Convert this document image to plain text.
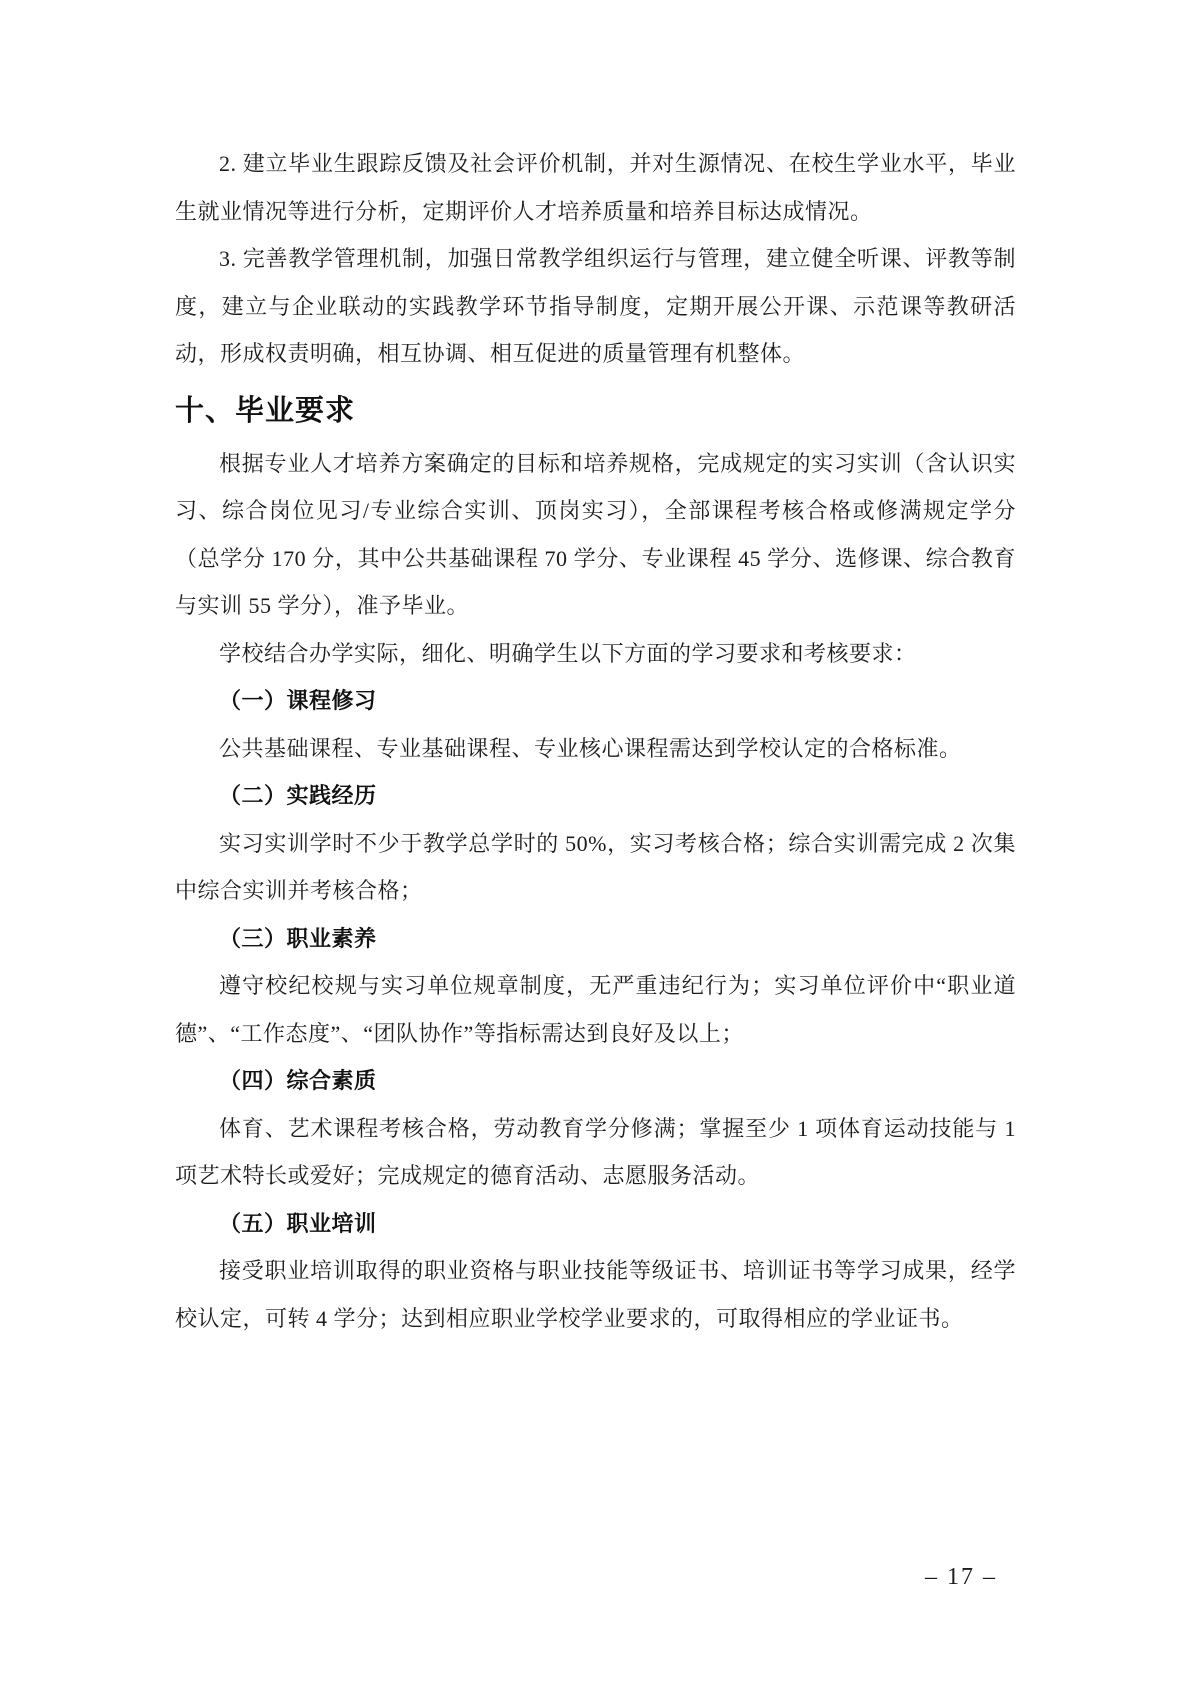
2. 建立毕业生跟踪反馈及社会评价机制，并对生源情况、在校生学业水平，毕业生就业情况等进行分析，定期评价人才培养质量和培养目标达成情况。

3. 完善教学管理机制，加强日常教学组织运行与管理，建立健全听课、评教等制度，建立与企业联动的实践教学环节指导制度，定期开展公开课、示范课等教研活动，形成权责明确，相互协调、相互促进的质量管理有机整体。

十、毕业要求

根据专业人才培养方案确定的目标和培养规格，完成规定的实习实训（含认识实习、综合岗位见习/专业综合实训、顶岗实习），全部课程考核合格或修满规定学分（总学分 170 分，其中公共基础课程 70 学分、专业课程 45 学分、选修课、综合教育与实训 55 学分），准予毕业。

学校结合办学实际，细化、明确学生以下方面的学习要求和考核要求：

（一）课程修习

公共基础课程、专业基础课程、专业核心课程需达到学校认定的合格标准。

（二）实践经历

实习实训学时不少于教学总学时的 50%，实习考核合格；综合实训需完成 2 次集中综合实训并考核合格；

（三）职业素养

遵守校纪校规与实习单位规章制度，无严重违纪行为；实习单位评价中“职业道德”、“工作态度”、“团队协作”等指标需达到良好及以上；

（四）综合素质

体育、艺术课程考核合格，劳动教育学分修满；掌握至少 1 项体育运动技能与 1 项艺术特长或爱好；完成规定的德育活动、志愿服务活动。

（五）职业培训

接受职业培训取得的职业资格与职业技能等级证书、培训证书等学习成果，经学校认定，可转 4 学分；达到相应职业学校学业要求的，可取得相应的学业证书。

– 17 –
